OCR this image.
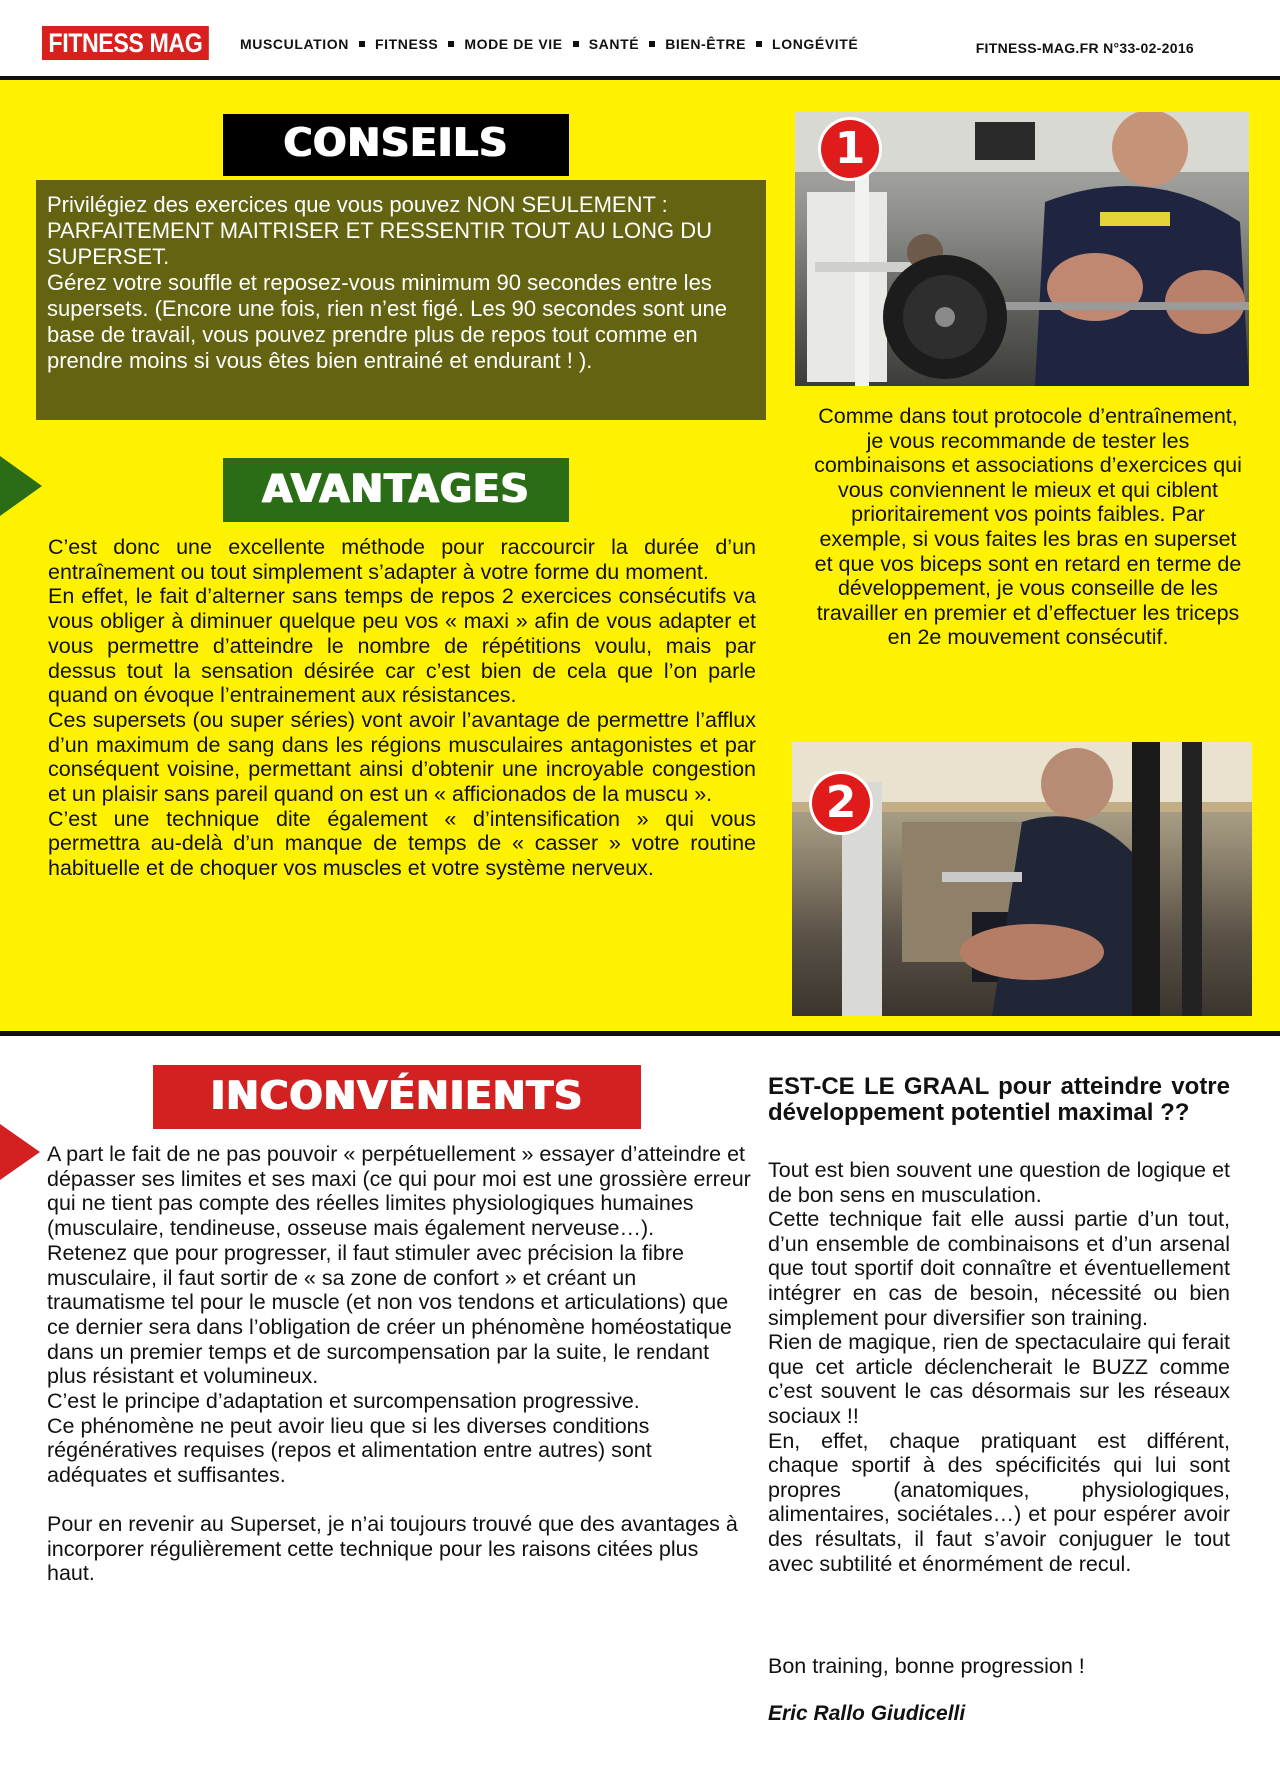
FITNESS MAG	MUSCULATION FITNESS MODE DE VIE SANTÉ BIEN-ÊTRE LONGÉVITÉ	FITNESS-MAG.FR N°33-02-2016
CONSEILS

Privilégiez des exercices que vous pouvez NON SEULEMENT : PARFAITEMENT MAITRISER ET RESSENTIR TOUT AU LONG DU SUPERSET.

Gérez votre souffle et reposez-vous minimum 90 secondes entre les supersets. (Encore une fois, rien n’est figé. Les 90 secondes sont une base de travail, vous pouvez prendre plus de repos tout comme en prendre moins si vous êtes bien entrainé et endurant ! ).

AVANTAGES

C’est donc une excellente méthode pour raccourcir la durée d’un entraînement ou tout simplement s’adapter à votre forme du moment.

En effet, le fait d’alterner sans temps de repos 2 exercices consécutifs va vous obliger à diminuer quelque peu vos « maxi » afin de vous adapter et vous permettre d’atteindre le nombre de répétitions voulu, mais par dessus tout la sensation désirée car c’est bien de cela que l’on parle quand on évoque l’entrainement aux résistances.

Ces supersets (ou super séries) vont avoir l’avantage de permettre l’afflux d’un maximum de sang dans les régions musculaires antagonistes et par conséquent voisine, permettant ainsi d’obtenir une incroyable congestion et un plaisir sans pareil quand on est un « afficionados de la muscu ».

C’est une technique dite également « d’intensification » qui vous permettra au-delà d’un manque de temps de « casser » votre routine habituelle et de choquer vos muscles et votre système nerveux.

1
Comme dans tout protocole d’entraînement, je vous recommande de tester les combinaisons et associations d’exercices qui vous conviennent le mieux et qui ciblent prioritairement vos points faibles. Par exemple, si vous faites les bras en superset et que vos biceps sont en retard en terme de développement, je vous conseille de les travailler en premier et d’effectuer les triceps en 2e mouvement consécutif.
2
INCONVÉNIENTS

A part le fait de ne pas pouvoir « perpétuellement » essayer d’atteindre et dépasser ses limites et ses maxi (ce qui pour moi est une grossière erreur qui ne tient pas compte des réelles limites physiologiques humaines (musculaire, tendineuse, osseuse mais également nerveuse…).

Retenez que pour progresser, il faut stimuler avec précision la fibre musculaire, il faut sortir de « sa zone de confort » et créant un traumatisme tel pour le muscle (et non vos tendons et articulations) que ce dernier sera dans l’obligation de créer un phénomène homéostatique dans un premier temps et de surcompensation par la suite, le rendant plus résistant et volumineux.

C’est le principe d’adaptation et surcompensation progressive.

Ce phénomène ne peut avoir lieu que si les diverses conditions régénératives requises (repos et alimentation entre autres) sont adéquates et suffisantes.

Pour en revenir au Superset, je n’ai toujours trouvé que des avantages à incorporer régulièrement cette technique pour les raisons citées plus haut.

EST-CE LE GRAAL pour atteindre votre développement potentiel maximal ??

Tout est bien souvent une question de logique et de bon sens en musculation.

Cette technique fait elle aussi partie d’un tout, d’un ensemble de combinaisons et d’un arsenal que tout sportif doit connaître et éventuellement intégrer en cas de besoin, nécessité ou bien simplement pour diversifier son training.

Rien de magique, rien de spectaculaire qui ferait que cet article déclencherait le BUZZ comme c’est souvent le cas désormais sur les réseaux sociaux !!

En, effet, chaque pratiquant est différent, chaque sportif à des spécificités qui lui sont propres (anatomiques, physiologiques, alimentaires, sociétales…) et pour espérer avoir des résultats, il faut s’avoir conjuguer le tout avec subtilité et énormément de recul.

Bon training, bonne progression !
Eric Rallo Giudicelli
